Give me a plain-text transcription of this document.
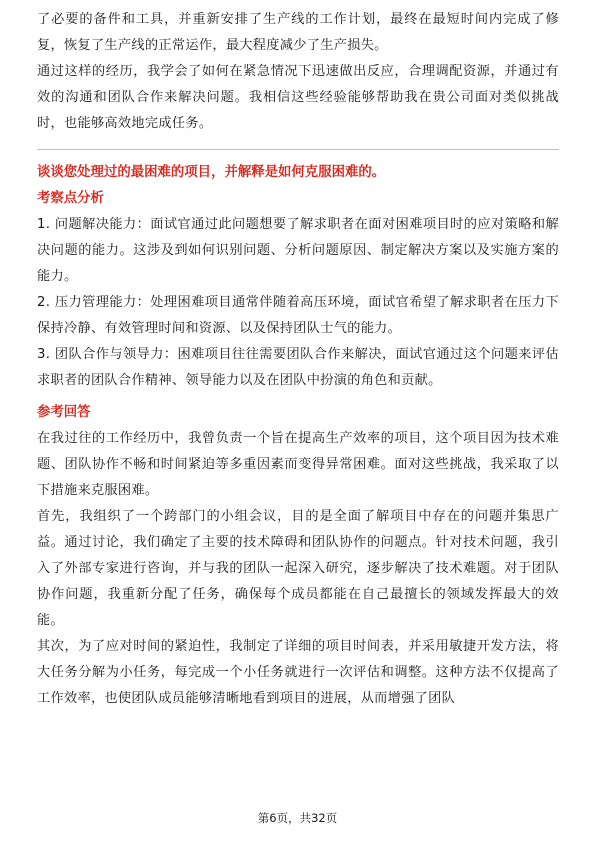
了必要的备件和工具，并重新安排了生产线的工作计划，最终在最短时间内完成了修复，恢复了生产线的正常运作，最大程度减少了生产损失。

通过这样的经历，我学会了如何在紧急情况下迅速做出反应，合理调配资源，并通过有效的沟通和团队合作来解决问题。我相信这些经验能够帮助我在贵公司面对类似挑战时，也能够高效地完成任务。

谈谈您处理过的最困难的项目，并解释是如何克服困难的。

考察点分析

1. 问题解决能力：面试官通过此问题想要了解求职者在面对困难项目时的应对策略和解决问题的能力。这涉及到如何识别问题、分析问题原因、制定解决方案以及实施方案的能力。

2. 压力管理能力：处理困难项目通常伴随着高压环境，面试官希望了解求职者在压力下保持冷静、有效管理时间和资源、以及保持团队士气的能力。

3. 团队合作与领导力：困难项目往往需要团队合作来解决，面试官通过这个问题来评估求职者的团队合作精神、领导能力以及在团队中扮演的角色和贡献。

参考回答

在我过往的工作经历中，我曾负责一个旨在提高生产效率的项目，这个项目因为技术难题、团队协作不畅和时间紧迫等多重因素而变得异常困难。面对这些挑战，我采取了以下措施来克服困难。

首先，我组织了一个跨部门的小组会议，目的是全面了解项目中存在的问题并集思广益。通过讨论，我们确定了主要的技术障碍和团队协作的问题点。针对技术问题，我引入了外部专家进行咨询，并与我的团队一起深入研究，逐步解决了技术难题。对于团队协作问题，我重新分配了任务，确保每个成员都能在自己最擅长的领域发挥最大的效能。

其次，为了应对时间的紧迫性，我制定了详细的项目时间表，并采用敏捷开发方法，将大任务分解为小任务，每完成一个小任务就进行一次评估和调整。这种方法不仅提高了工作效率，也使团队成员能够清晰地看到项目的进展，从而增强了团队

第6页，共32页
